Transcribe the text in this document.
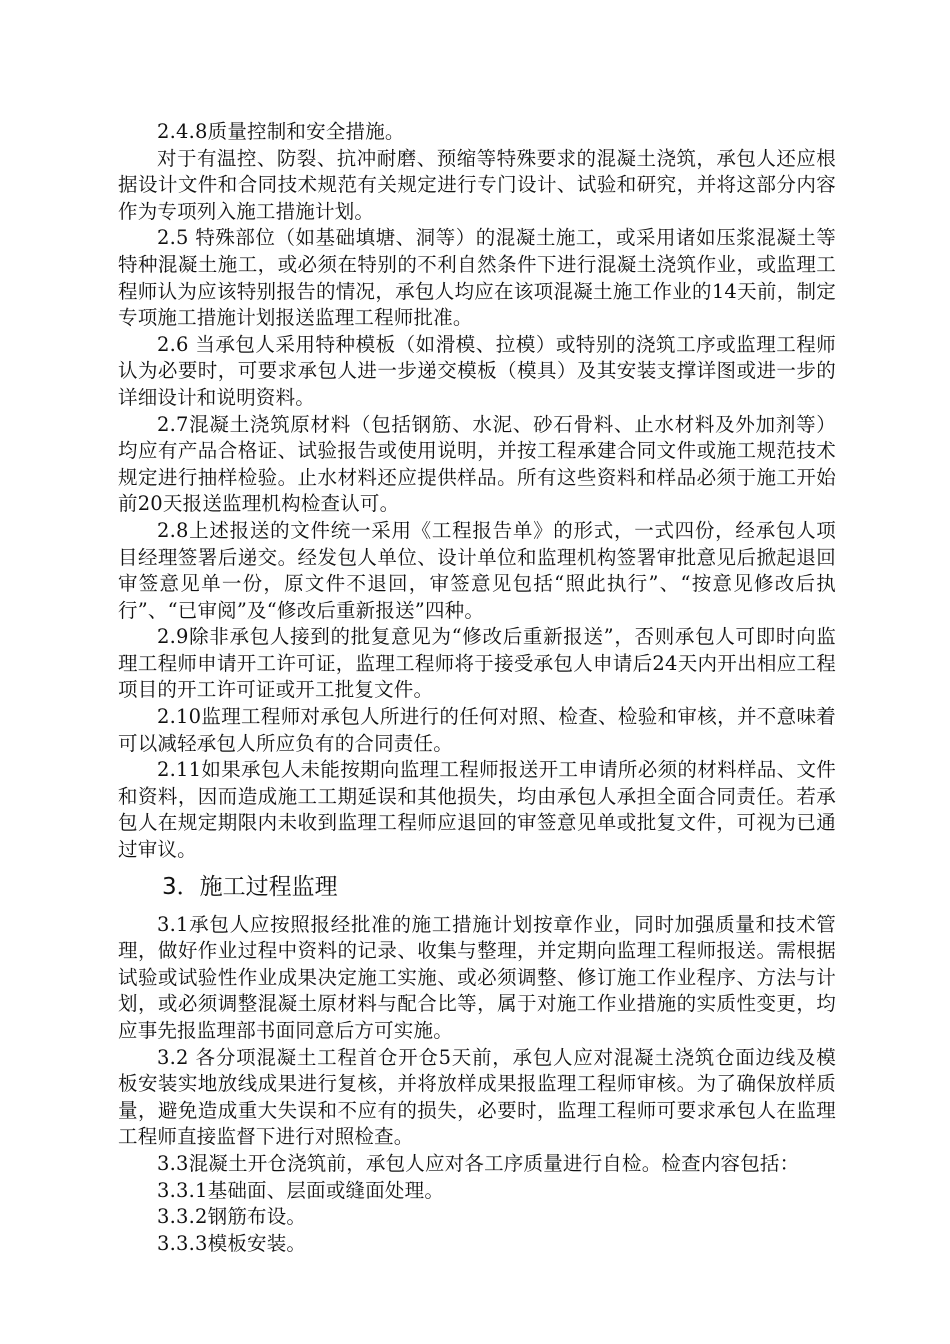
2.4.8质量控制和安全措施。

对于有温控、防裂、抗冲耐磨、预缩等特殊要求的混凝土浇筑，承包人还应根据设计文件和合同技术规范有关规定进行专门设计、试验和研究，并将这部分内容作为专项列入施工措施计划。

2.5 特殊部位（如基础填塘、洞等）的混凝土施工，或采用诸如压浆混凝土等特种混凝土施工，或必须在特别的不利自然条件下进行混凝土浇筑作业，或监理工程师认为应该特别报告的情况，承包人均应在该项混凝土施工作业的14天前，制定专项施工措施计划报送监理工程师批准。

2.6 当承包人采用特种模板（如滑模、拉模）或特别的浇筑工序或监理工程师认为必要时，可要求承包人进一步递交模板（模具）及其安装支撑详图或进一步的详细设计和说明资料。

2.7混凝土浇筑原材料（包括钢筋、水泥、砂石骨料、止水材料及外加剂等）均应有产品合格证、试验报告或使用说明，并按工程承建合同文件或施工规范技术规定进行抽样检验。止水材料还应提供样品。所有这些资料和样品必须于施工开始前20天报送监理机构检查认可。

2.8上述报送的文件统一采用《工程报告单》的形式，一式四份，经承包人项目经理签署后递交。经发包人单位、设计单位和监理机构签署审批意见后掀起退回审签意见单一份，原文件不退回，审签意见包括“照此执行”、“按意见修改后执行”、“已审阅”及“修改后重新报送”四种。

2.9除非承包人接到的批复意见为“修改后重新报送”，否则承包人可即时向监理工程师申请开工许可证，监理工程师将于接受承包人申请后24天内开出相应工程项目的开工许可证或开工批复文件。

2.10监理工程师对承包人所进行的任何对照、检查、检验和审核，并不意味着可以减轻承包人所应负有的合同责任。

2.11如果承包人未能按期向监理工程师报送开工申请所必须的材料样品、文件和资料，因而造成施工工期延误和其他损失，均由承包人承担全面合同责任。若承包人在规定期限内未收到监理工程师应退回的审签意见单或批复文件，可视为已通过审议。

3．施工过程监理

3.1承包人应按照报经批准的施工措施计划按章作业，同时加强质量和技术管理，做好作业过程中资料的记录、收集与整理，并定期向监理工程师报送。需根据试验或试验性作业成果决定施工实施、或必须调整、修订施工作业程序、方法与计划，或必须调整混凝土原材料与配合比等，属于对施工作业措施的实质性变更，均应事先报监理部书面同意后方可实施。

3.2 各分项混凝土工程首仓开仓5天前，承包人应对混凝土浇筑仓面边线及模板安装实地放线成果进行复核，并将放样成果报监理工程师审核。为了确保放样质量，避免造成重大失误和不应有的损失，必要时，监理工程师可要求承包人在监理工程师直接监督下进行对照检查。

3.3混凝土开仓浇筑前，承包人应对各工序质量进行自检。检查内容包括：

3.3.1基础面、层面或缝面处理。

3.3.2钢筋布设。

3.3.3模板安装。
